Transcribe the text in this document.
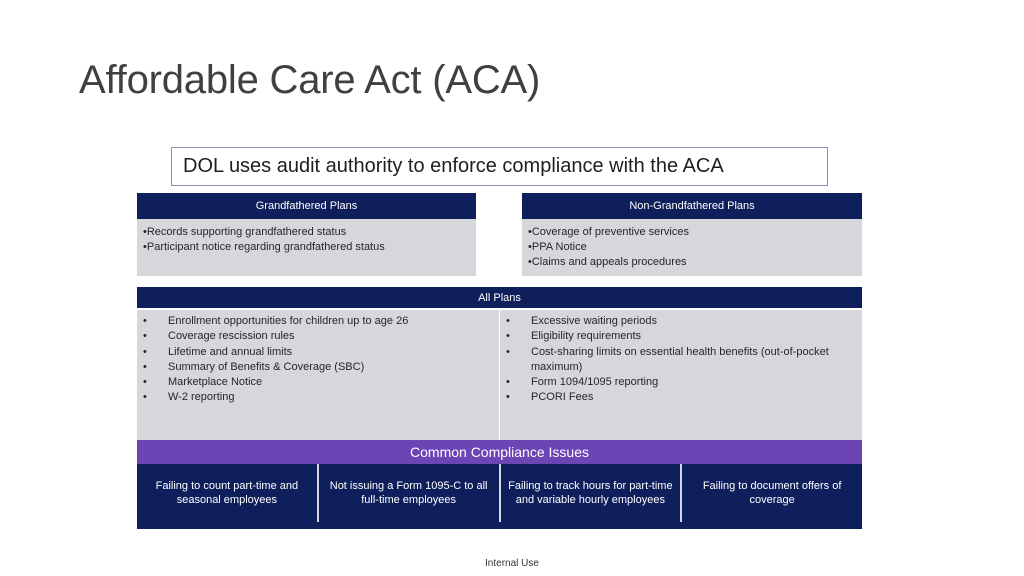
Affordable Care Act (ACA)
DOL uses audit authority to enforce compliance with the ACA
Grandfathered Plans
• Records supporting grandfathered status
• Participant notice regarding grandfathered status
Non-Grandfathered Plans
• Coverage of preventive services
• PPA Notice
• Claims and appeals procedures
All Plans
• Enrollment opportunities for children up to age 26
• Coverage rescission rules
• Lifetime and annual limits
• Summary of Benefits & Coverage (SBC)
• Marketplace Notice
• W-2 reporting
• Excessive waiting periods
• Eligibility requirements
• Cost-sharing limits on essential health benefits (out-of-pocket maximum)
• Form 1094/1095 reporting
• PCORI Fees
Common Compliance Issues
Failing to count part-time and seasonal employees
Not issuing a Form 1095-C to all full-time employees
Failing to track hours for part-time and variable hourly employees
Failing to document offers of coverage
Internal Use
